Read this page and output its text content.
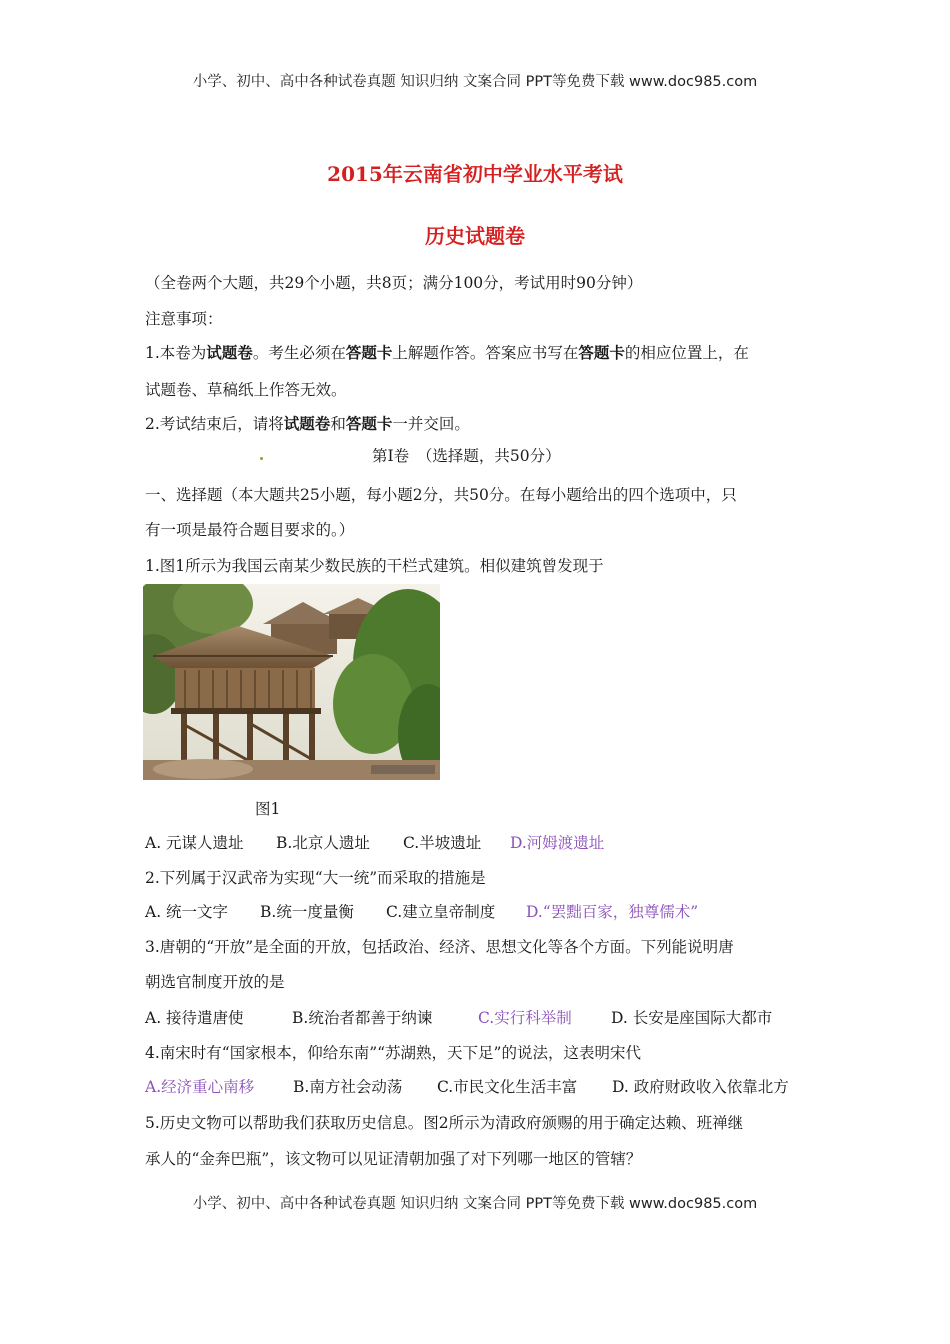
小学、初中、高中各种试卷真题 知识归纳 文案合同 PPT等免费下载 www.doc985.com
2015年云南省初中学业水平考试
历史试题卷
（全卷两个大题，共29个小题，共8页；满分100分，考试用时90分钟）
注意事项：
1.本卷为试题卷。考生必须在答题卡上解题作答。答案应书写在答题卡的相应位置上，在
试题卷、草稿纸上作答无效。
2.考试结束后，请将试题卷和答题卡一并交回。
第Ⅰ卷　（选择题，共50分）
一、选择题（本大题共25小题，每小题2分，共50分。在每小题给出的四个选项中，只
有一项是最符合题目要求的。）
1.图1所示为我国云南某少数民族的干栏式建筑。相似建筑曾发现于
图1
A. 元谋人遗址 B.北京人遗址 C.半坡遗址 D.河姆渡遗址
2.下列属于汉武帝为实现“大一统”而采取的措施是
A. 统一文字 B.统一度量衡 C.建立皇帝制度 D.“罢黜百家，独尊儒术”
3.唐朝的“开放”是全面的开放，包括政治、经济、思想文化等各个方面。下列能说明唐
朝选官制度开放的是
A. 接待遣唐使	B.统治者都善于纳谏	C.实行科举制	D. 长安是座国际大都市
4.南宋时有“国家根本，仰给东南”“苏湖熟，天下足”的说法，这表明宋代
A.经济重心南移	B.南方社会动荡 C.市民文化生活丰富 D. 政府财政收入依靠北方
5.历史文物可以帮助我们获取历史信息。图2所示为清政府颁赐的用于确定达赖、班禅继
承人的“金奔巴瓶”，该文物可以见证清朝加强了对下列哪一地区的管辖？
小学、初中、高中各种试卷真题 知识归纳 文案合同 PPT等免费下载 www.doc985.com
